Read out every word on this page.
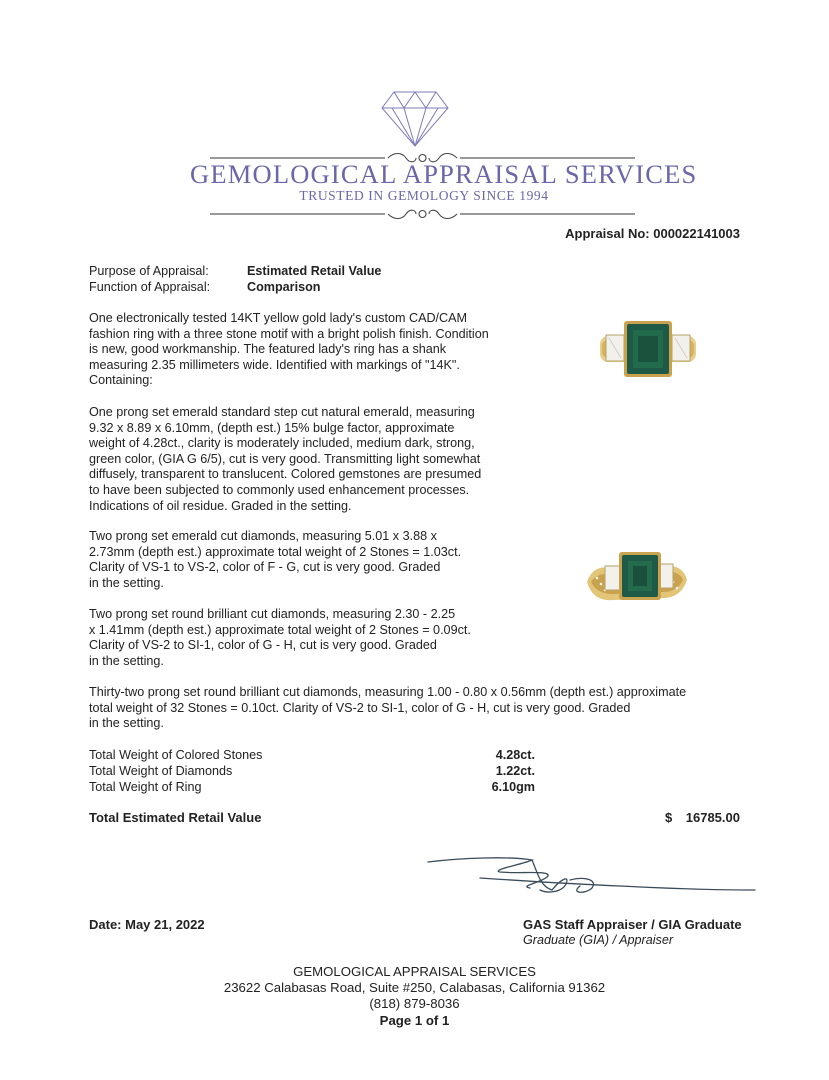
GEMOLOGICAL APPRAISAL SERVICES
TRUSTED IN GEMOLOGY SINCE 1994
Appraisal No: 000022141003
Purpose of Appraisal:	Estimated Retail Value
Function of Appraisal:	Comparison
One electronically tested 14KT yellow gold lady's custom CAD/CAM
fashion ring with a three stone motif with a bright polish finish. Condition
is new, good workmanship. The featured lady's ring has a shank
measuring 2.35 millimeters wide. Identified with markings of "14K".
Containing:
One prong set emerald standard step cut natural emerald, measuring
9.32 x 8.89 x 6.10mm, (depth est.) 15% bulge factor, approximate
weight of 4.28ct., clarity is moderately included, medium dark, strong,
green color, (GIA G 6/5), cut is very good. Transmitting light somewhat
diffusely, transparent to translucent. Colored gemstones are presumed
to have been subjected to commonly used enhancement processes.
Indications of oil residue. Graded in the setting.
Two prong set emerald cut diamonds, measuring 5.01 x 3.88 x
2.73mm (depth est.) approximate total weight of 2 Stones = 1.03ct.
Clarity of VS-1 to VS-2, color of F - G, cut is very good. Graded
in the setting.
Two prong set round brilliant cut diamonds, measuring 2.30 - 2.25
x 1.41mm (depth est.) approximate total weight of 2 Stones = 0.09ct.
Clarity of VS-2 to SI-1, color of G - H, cut is very good. Graded
in the setting.
Thirty-two prong set round brilliant cut diamonds, measuring 1.00 - 0.80 x 0.56mm (depth est.) approximate
total weight of 32 Stones = 0.10ct. Clarity of VS-2 to SI-1, color of G - H, cut is very good. Graded
in the setting.
Total Weight of Colored Stones	4.28ct.
Total Weight of Diamonds	1.22ct.
Total Weight of Ring	6.10gm
Total Estimated Retail Value	$ 16785.00
Date: May 21, 2022	GAS Staff Appraiser / GIA Graduate
Graduate (GIA) / Appraiser
GEMOLOGICAL APPRAISAL SERVICES
23622 Calabasas Road, Suite #250, Calabasas, California 91362
(818) 879-8036
Page 1 of 1
